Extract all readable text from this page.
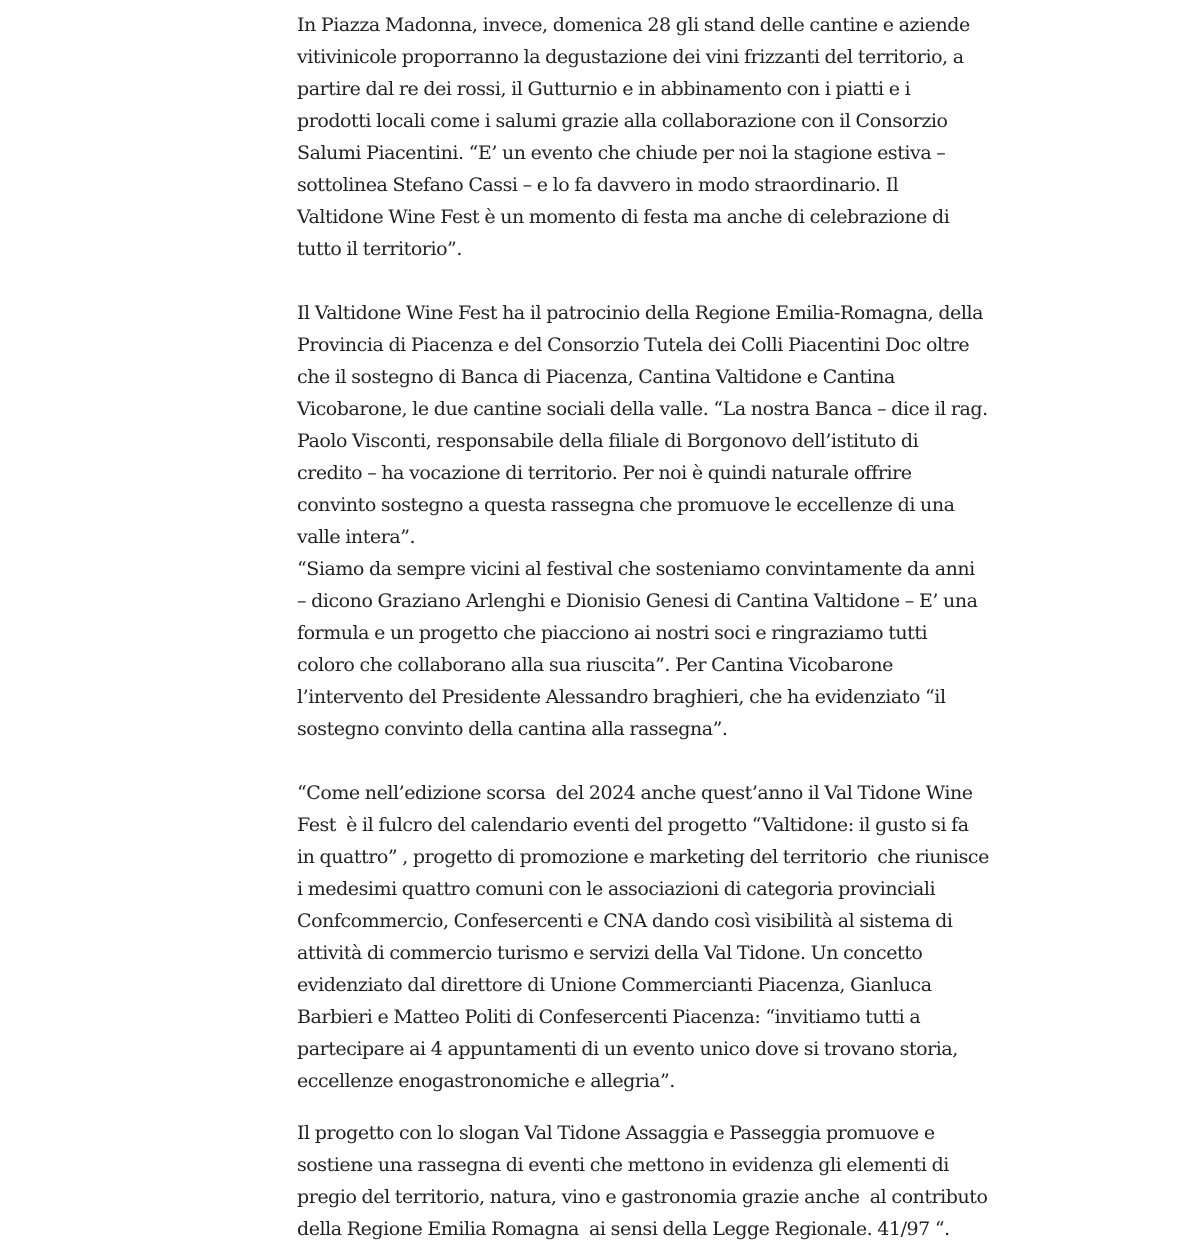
In Piazza Madonna, invece, domenica 28 gli stand delle cantine e aziende
vitivinicole proporranno la degustazione dei vini frizzanti del territorio, a
partire dal re dei rossi, il Gutturnio e in abbinamento con i piatti e i
prodotti locali come i salumi grazie alla collaborazione con il Consorzio
Salumi Piacentini. “E’ un evento che chiude per noi la stagione estiva –
sottolinea Stefano Cassi – e lo fa davvero in modo straordinario. Il
Valtidone Wine Fest è un momento di festa ma anche di celebrazione di
tutto il territorio”.

Il Valtidone Wine Fest ha il patrocinio della Regione Emilia-Romagna, della
Provincia di Piacenza e del Consorzio Tutela dei Colli Piacentini Doc oltre
che il sostegno di Banca di Piacenza, Cantina Valtidone e Cantina
Vicobarone, le due cantine sociali della valle. “La nostra Banca – dice il rag.
Paolo Visconti, responsabile della filiale di Borgonovo dell’istituto di
credito – ha vocazione di territorio. Per noi è quindi naturale offrire
convinto sostegno a questa rassegna che promuove le eccellenze di una
valle intera”.

“Siamo da sempre vicini al festival che sosteniamo convintamente da anni
– dicono Graziano Arlenghi e Dionisio Genesi di Cantina Valtidone – E’ una
formula e un progetto che piacciono ai nostri soci e ringraziamo tutti
coloro che collaborano alla sua riuscita”. Per Cantina Vicobarone
l’intervento del Presidente Alessandro braghieri, che ha evidenziato “il
sostegno convinto della cantina alla rassegna”.

“Come nell’edizione scorsa  del 2024 anche quest’anno il Val Tidone Wine
Fest  è il fulcro del calendario eventi del progetto “Valtidone: il gusto si fa
in quattro” , progetto di promozione e marketing del territorio  che riunisce
i medesimi quattro comuni con le associazioni di categoria provinciali
Confcommercio, Confesercenti e CNA dando così visibilità al sistema di
attività di commercio turismo e servizi della Val Tidone. Un concetto
evidenziato dal direttore di Unione Commercianti Piacenza, Gianluca
Barbieri e Matteo Politi di Confesercenti Piacenza: “invitiamo tutti a
partecipare ai 4 appuntamenti di un evento unico dove si trovano storia,
eccellenze enogastronomiche e allegria”.

Il progetto con lo slogan Val Tidone Assaggia e Passeggia promuove e
sostiene una rassegna di eventi che mettono in evidenza gli elementi di
pregio del territorio, natura, vino e gastronomia grazie anche  al contributo
della Regione Emilia Romagna  ai sensi della Legge Regionale. 41/97 “.
